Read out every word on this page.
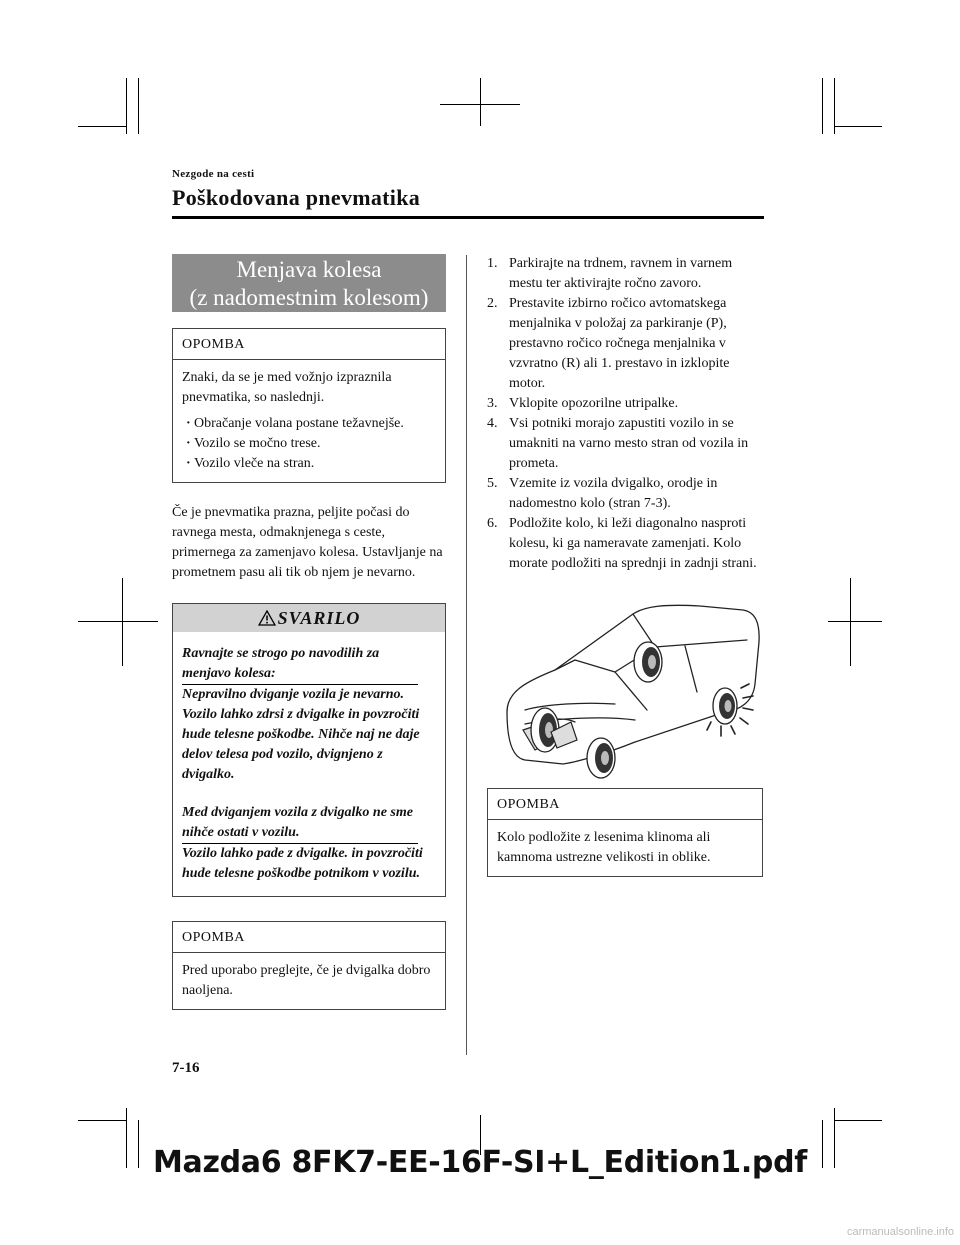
Nezgode na cesti
Poškodovana pnevmatika
Menjava kolesa
(z nadomestnim kolesom)
OPOMBA
Znaki, da se je med vožnjo izpraznila pnevmatika, so naslednji.
· Obračanje volana postane težavnejše.
· Vozilo se močno trese.
· Vozilo vleče na stran.
Če je pnevmatika prazna, peljite počasi do ravnega mesta, odmaknjenega s ceste, primernega za zamenjavo kolesa. Ustavljanje na prometnem pasu ali tik ob njem je nevarno.
SVARILO
Ravnajte se strogo po navodilih za menjavo kolesa:
Nepravilno dviganje vozila je nevarno. Vozilo lahko zdrsi z dvigalke in povzročiti hude telesne poškodbe. Nihče naj ne daje delov telesa pod vozilo, dvignjeno z dvigalko.
Med dviganjem vozila z dvigalko ne sme nihče ostati v vozilu.
Vozilo lahko pade z dvigalke. in povzročiti hude telesne poškodbe potnikom v vozilu.
OPOMBA
Pred uporabo preglejte, če je dvigalka dobro naoljena.
1. Parkirajte na trdnem, ravnem in varnem mestu ter aktivirajte ročno zavoro.
2. Prestavite izbirno ročico avtomatskega menjalnika v položaj za parkiranje (P), prestavno ročico ročnega menjalnika v vzvratno (R) ali 1. prestavo in izklopite motor.
3. Vklopite opozorilne utripalke.
4. Vsi potniki morajo zapustiti vozilo in se umakniti na varno mesto stran od vozila in prometa.
5. Vzemite iz vozila dvigalko, orodje in nadomestno kolo (stran 7-3).
6. Podložite kolo, ki leži diagonalno nasproti kolesu, ki ga nameravate zamenjati. Kolo morate podložiti na sprednji in zadnji strani.
OPOMBA
Kolo podložite z lesenima klinoma ali kamnoma ustrezne velikosti in oblike.
7-16
Mazda6 8FK7-EE-16F-SI+L_Edition1.pdf
carmanualsonline.info
